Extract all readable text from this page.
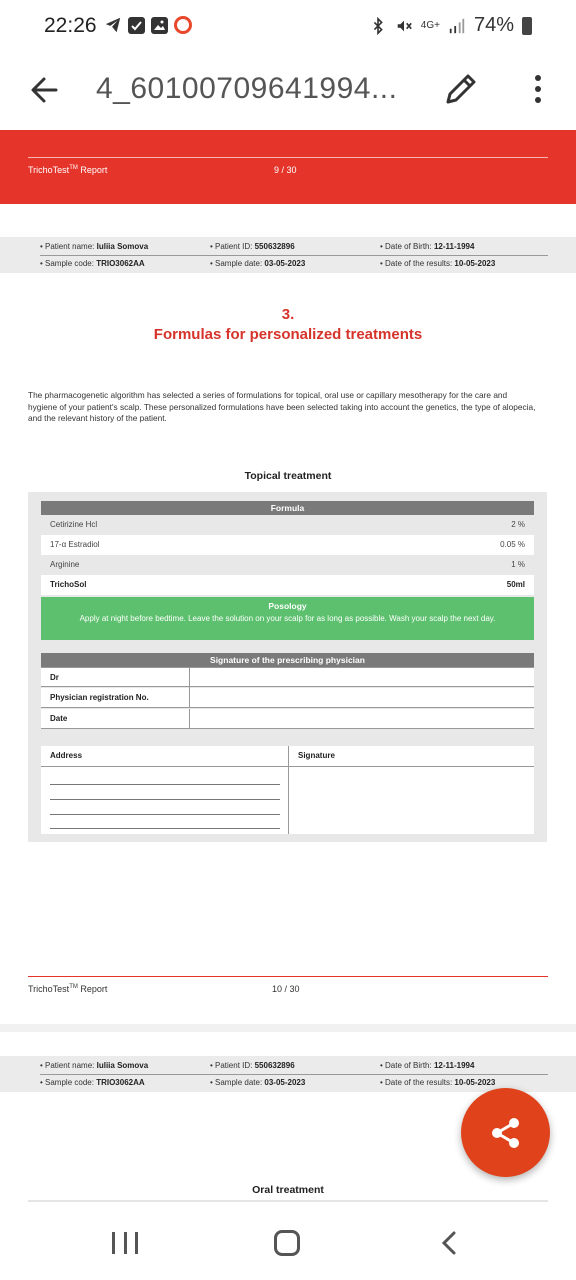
22:26	4G+ 74%
4_60100709641994...
TrichoTest™ Report	9 / 30
• Patient name: Iuliia Somova	• Patient ID: 550632896	• Date of Birth: 12-11-1994
• Sample code: TRIO3062AA	• Sample date: 03-05-2023	• Date of the results: 10-05-2023
3.
Formulas for personalized treatments
The pharmacogenetic algorithm has selected a series of formulations for topical, oral use or capillary mesotherapy for the care and hygiene of your patient's scalp. These personalized formulations have been selected taking into account the genetics, the type of alopecia, and the relevant history of the patient.
Topical treatment
Formula
Cetirizine Hcl	2 %
17-α Estradiol	0.05 %
Arginine	1 %
TrichoSol	50ml
Posology
Apply at night before bedtime. Leave the solution on your scalp for as long as possible. Wash your scalp the next day.
Signature of the prescribing physician
Dr
Physician registration No.
Date
Address	Signature
TrichoTest™ Report	10 / 30
• Patient name: Iuliia Somova	• Patient ID: 550632896	• Date of Birth: 12-11-1994
• Sample code: TRIO3062AA	• Sample date: 03-05-2023	• Date of the results: 10-05-2023
Oral treatment
